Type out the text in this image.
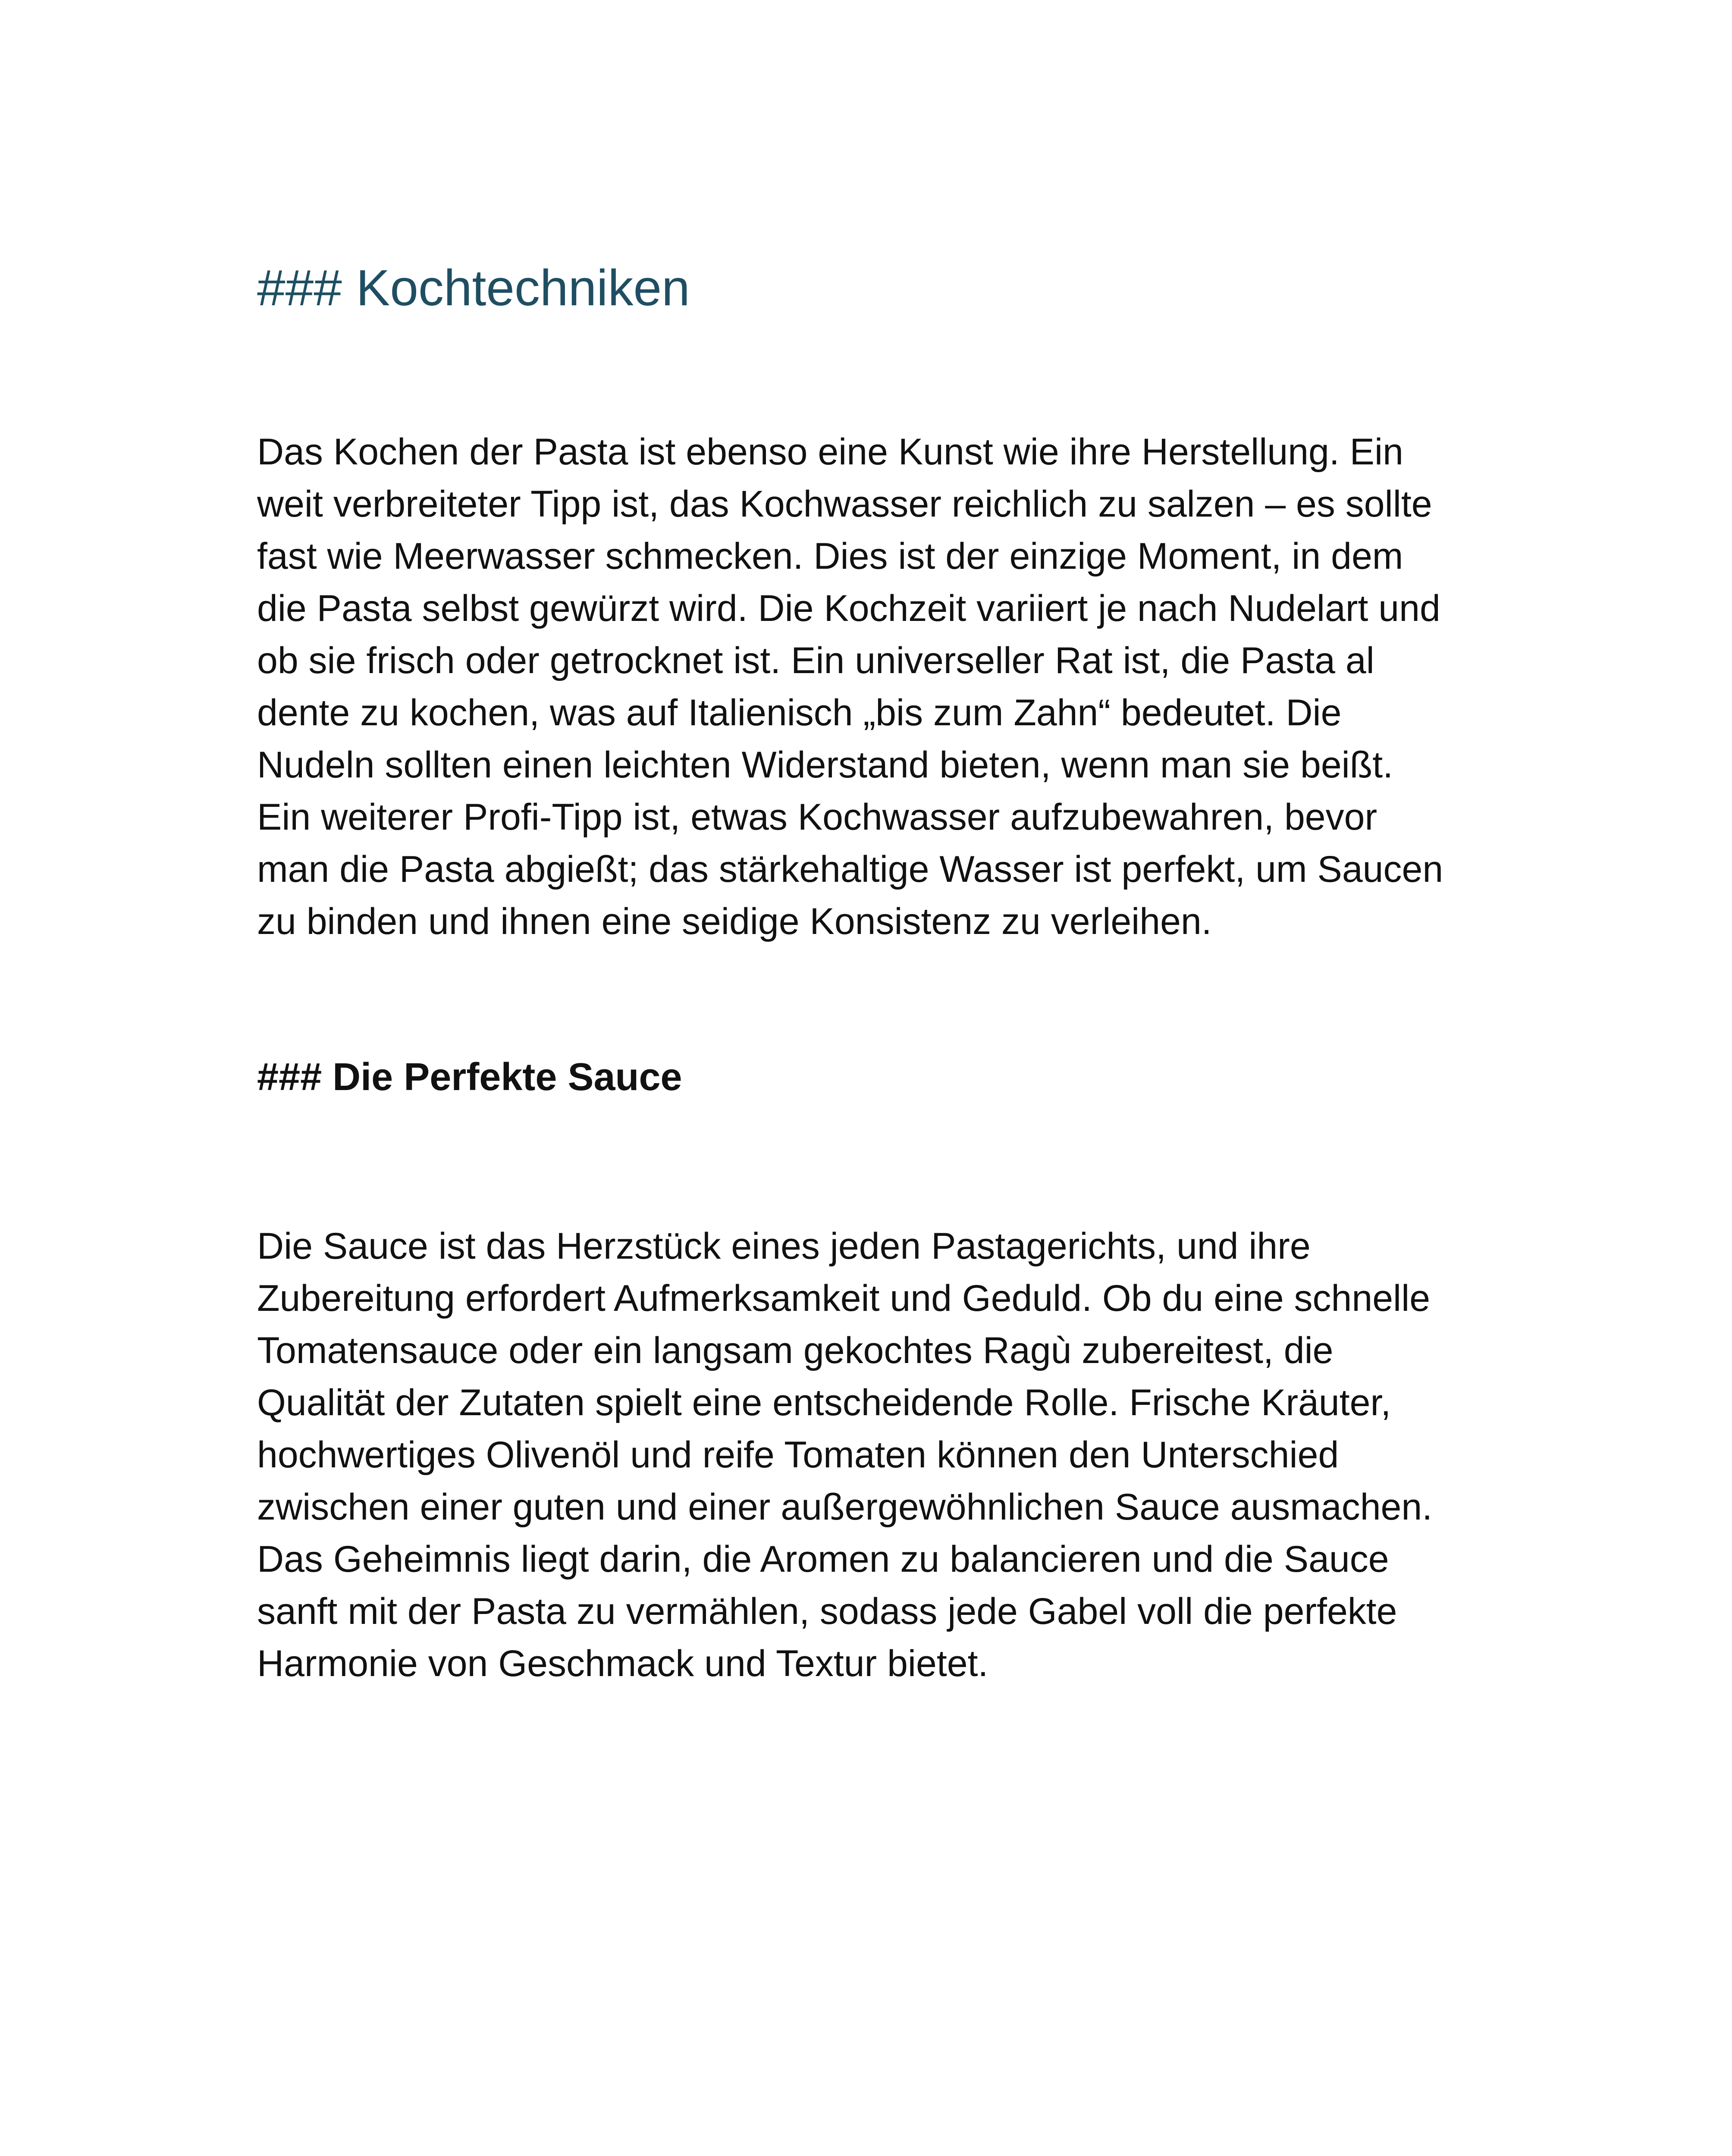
### Kochtechniken

Das Kochen der Pasta ist ebenso eine Kunst wie ihre Herstellung. Ein
weit verbreiteter Tipp ist, das Kochwasser reichlich zu salzen – es sollte
fast wie Meerwasser schmecken. Dies ist der einzige Moment, in dem
die Pasta selbst gewürzt wird. Die Kochzeit variiert je nach Nudelart und
ob sie frisch oder getrocknet ist. Ein universeller Rat ist, die Pasta al
dente zu kochen, was auf Italienisch „bis zum Zahn“ bedeutet. Die
Nudeln sollten einen leichten Widerstand bieten, wenn man sie beißt.
Ein weiterer Profi-Tipp ist, etwas Kochwasser aufzubewahren, bevor
man die Pasta abgießt; das stärkehaltige Wasser ist perfekt, um Saucen
zu binden und ihnen eine seidige Konsistenz zu verleihen.

### Die Perfekte Sauce

Die Sauce ist das Herzstück eines jeden Pastagerichts, und ihre
Zubereitung erfordert Aufmerksamkeit und Geduld. Ob du eine schnelle
Tomatensauce oder ein langsam gekochtes Ragù zubereitest, die
Qualität der Zutaten spielt eine entscheidende Rolle. Frische Kräuter,
hochwertiges Olivenöl und reife Tomaten können den Unterschied
zwischen einer guten und einer außergewöhnlichen Sauce ausmachen.
Das Geheimnis liegt darin, die Aromen zu balancieren und die Sauce
sanft mit der Pasta zu vermählen, sodass jede Gabel voll die perfekte
Harmonie von Geschmack und Textur bietet.
